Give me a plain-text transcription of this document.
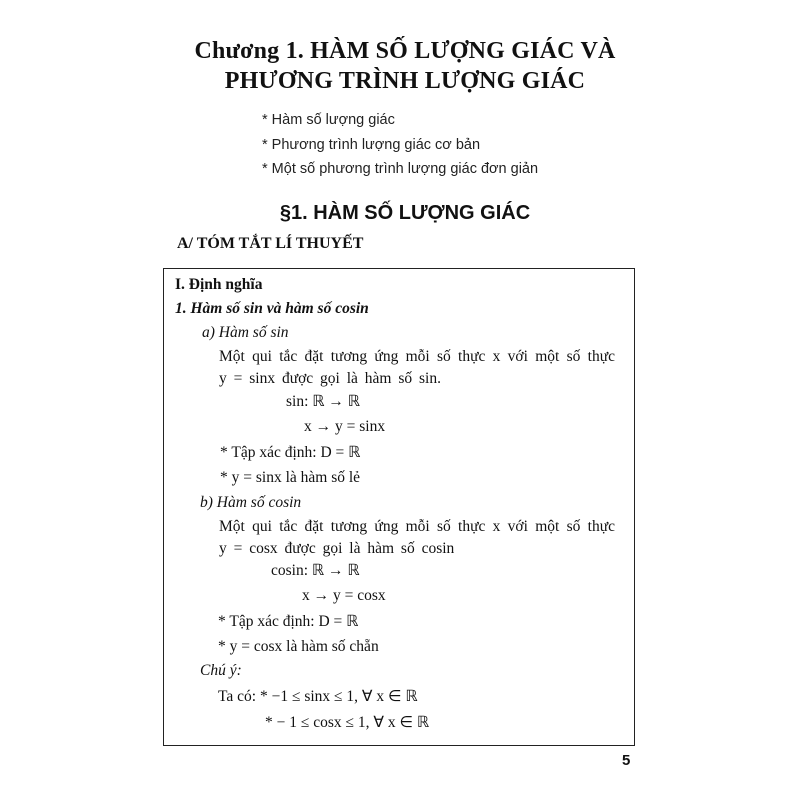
Chương 1. HÀM SỐ LƯỢNG GIÁC VÀ
PHƯƠNG TRÌNH LƯỢNG GIÁC
* Hàm số lượng giác
* Phương trình lượng giác cơ bản
* Một số phương trình lượng giác đơn giản
§1. HÀM SỐ LƯỢNG GIÁC
A/ TÓM TẮT LÍ THUYẾT
I. Định nghĩa
1. Hàm số sin và hàm số cosin
a) Hàm số sin
Một qui tắc đặt tương ứng mỗi số thực x với một số thực y = sinx được gọi là hàm số sin.
sin: ℝ → ℝ
x → y = sinx
* Tập xác định: D = ℝ
* y = sinx là hàm số lẻ
b) Hàm số cosin
Một qui tắc đặt tương ứng mỗi số thực x với một số thực y = cosx được gọi là hàm số cosin
cosin: ℝ → ℝ
x → y = cosx
* Tập xác định: D = ℝ
* y = cosx là hàm số chẵn
Chú ý:
Ta có: * −1 ≤ sinx ≤ 1, ∀ x ∈ ℝ
* − 1 ≤ cosx ≤ 1, ∀ x ∈ ℝ
5
